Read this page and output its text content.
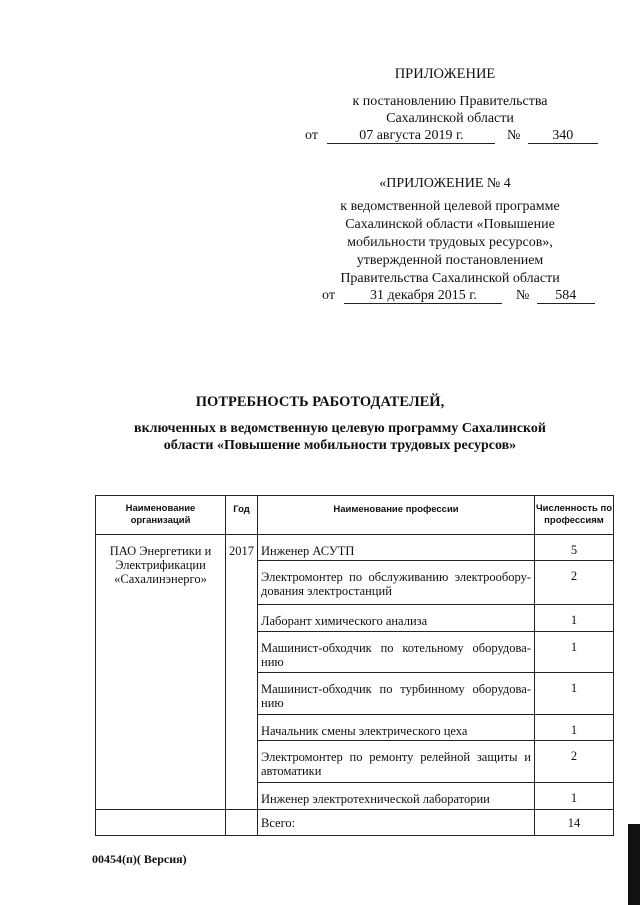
ПРИЛОЖЕНИЕ
к постановлению Правительства
Сахалинской области
от	07 августа 2019 г.	№ 340
«ПРИЛОЖЕНИЕ № 4
к ведомственной целевой программе
Сахалинской области «Повышение
мобильности трудовых ресурсов»,
утвержденной постановлением
Правительства Сахалинской области
от	31 декабря 2015 г.	№ 584
ПОТРЕБНОСТЬ РАБОТОДАТЕЛЕЙ,
включенных в ведомственную целевую программу Сахалинской
области «Повышение мобильности трудовых ресурсов»
Наименование организаций	Год	Наименование профессии	Численность по профессиям
ПАО Энергетики и Электрификации «Сахалинэнерго»	2017	Инженер АСУТП	5
		Электромонтер по обслуживанию электрообору-дования электростанций	2
		Лаборант химического анализа	1
		Машинист-обходчик по котельному оборудова-нию	1
		Машинист-обходчик по турбинному оборудова-нию	1
		Начальник смены электрического цеха	1
		Электромонтер по ремонту релейной защиты и автоматики	2
		Инженер электротехнической лаборатории	1
		Всего:	14
00454(п)( Версия)
